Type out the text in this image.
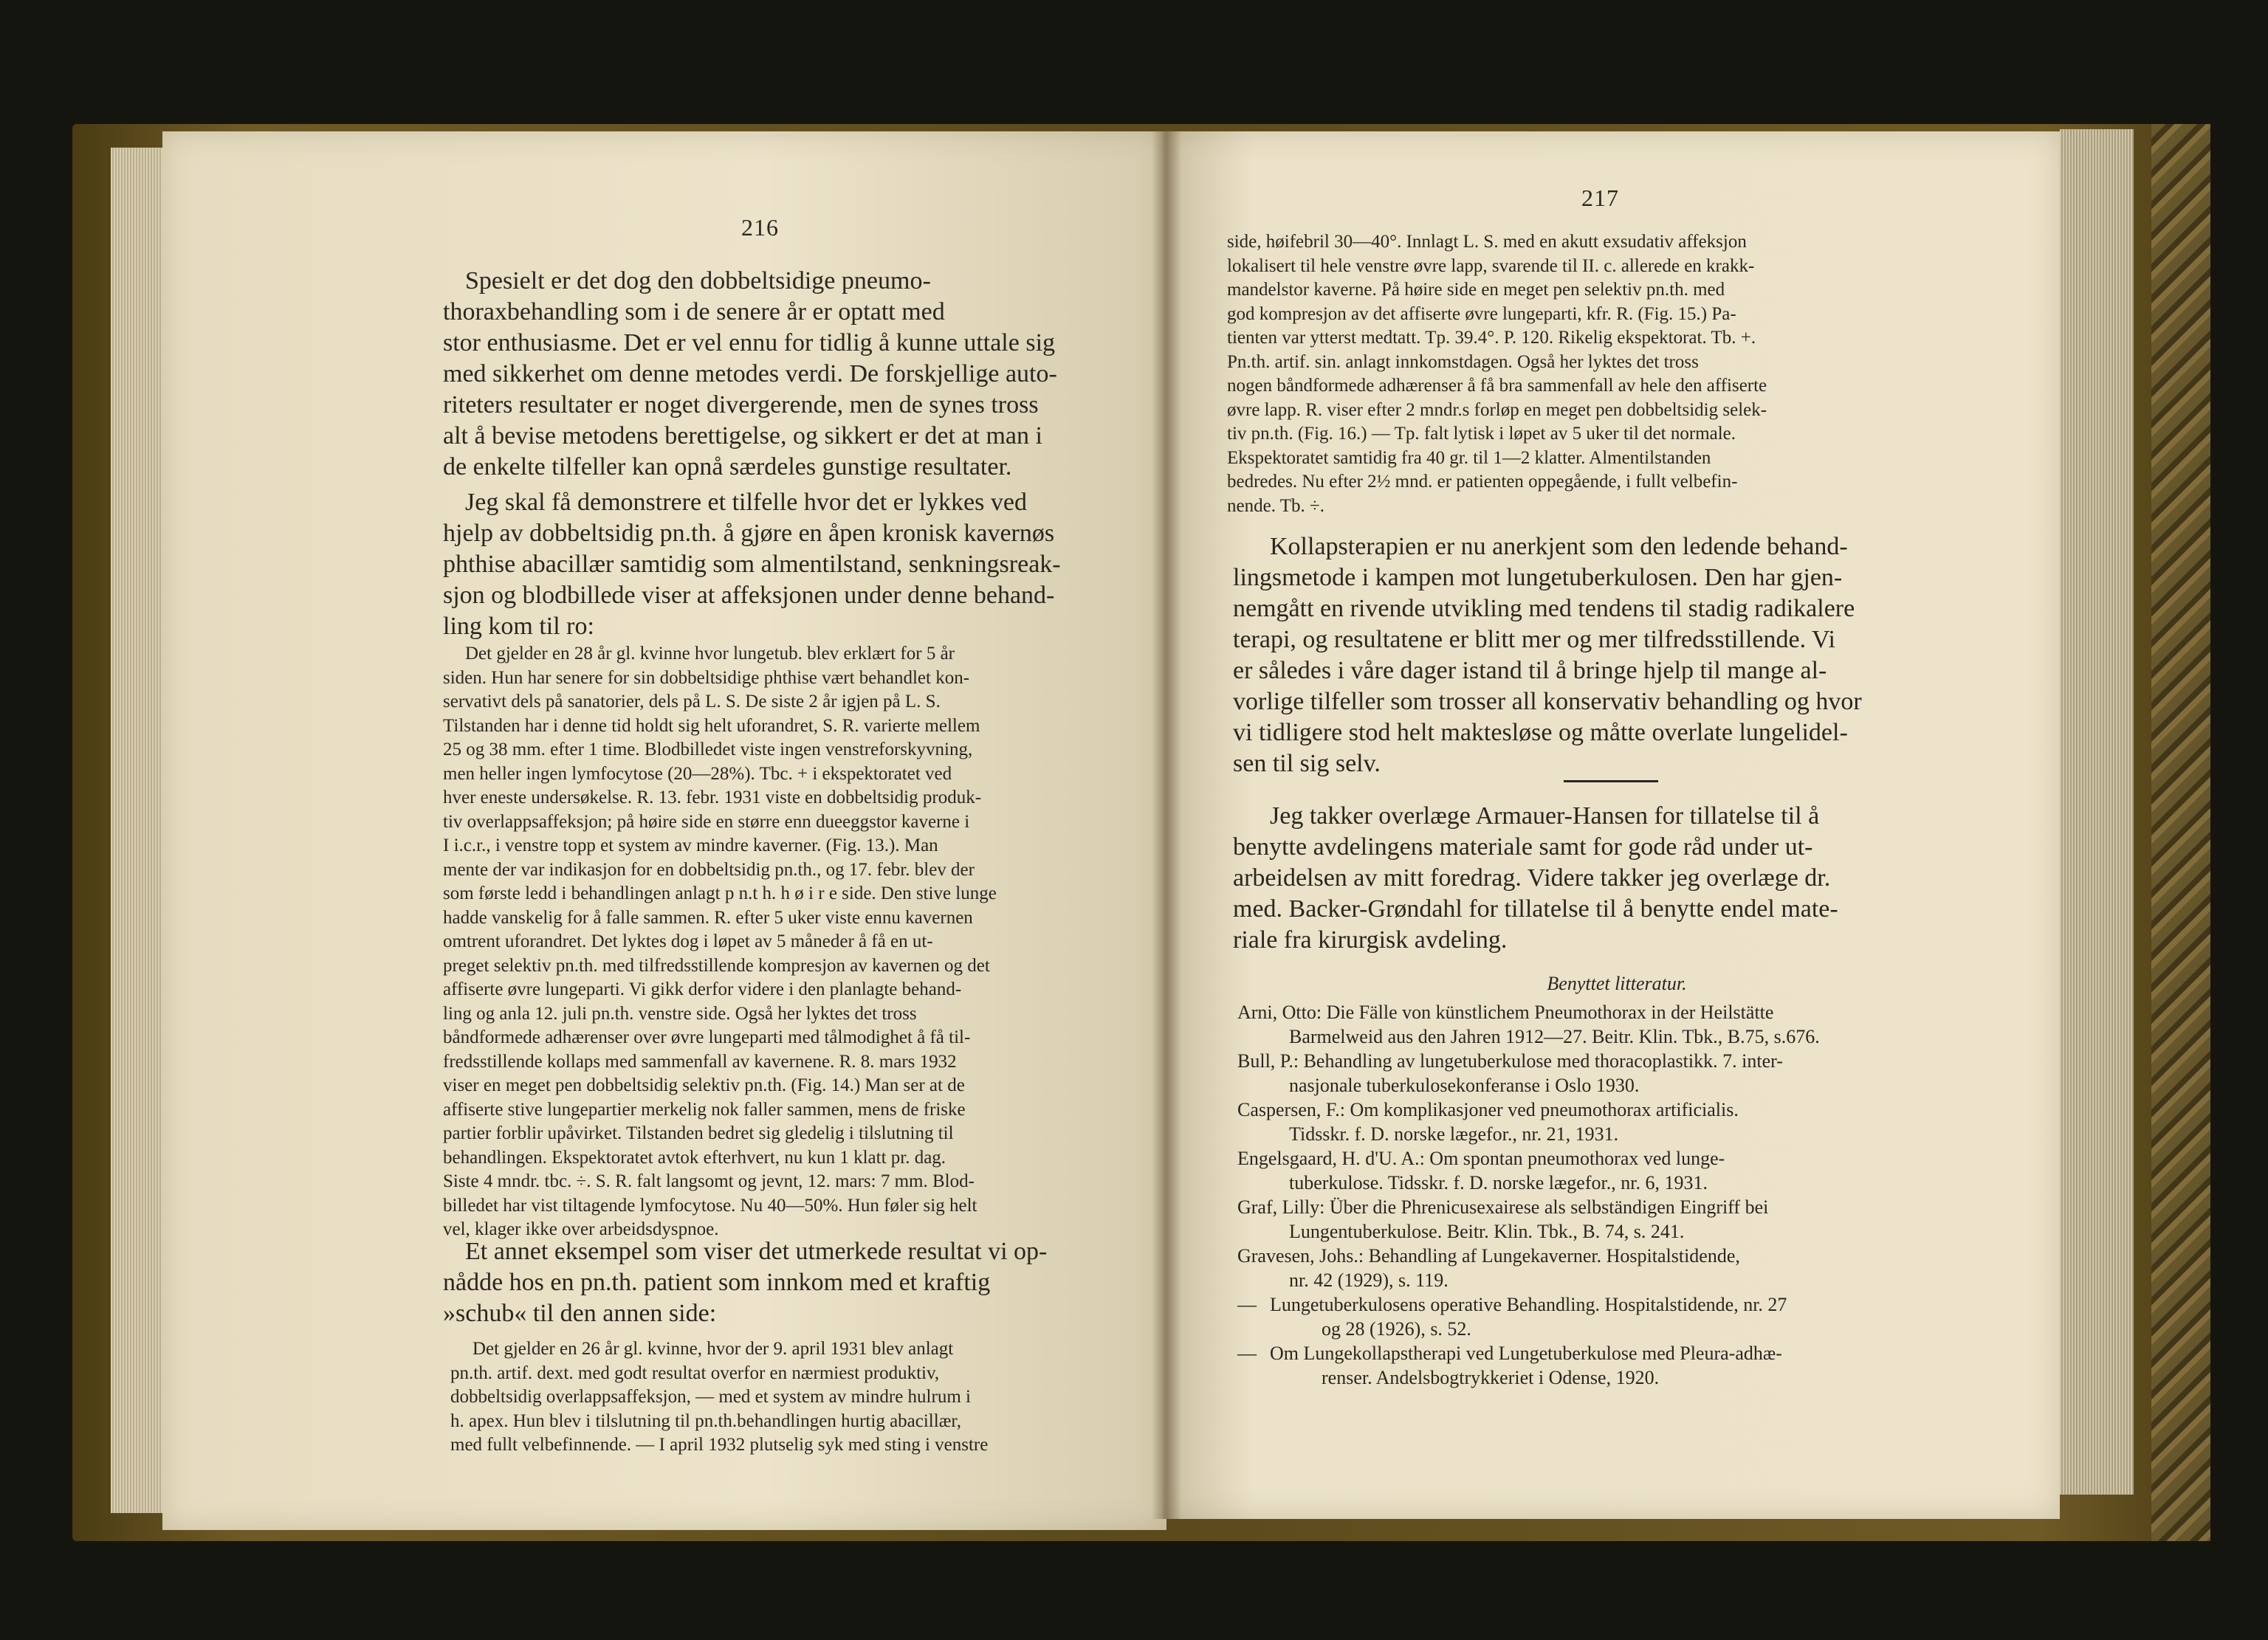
216
Spesielt er det dog den dobbeltsidige pneumo-
thoraxbehandling som i de senere år er optatt med
stor enthusiasme. Det er vel ennu for tidlig å kunne uttale sig
med sikkerhet om denne metodes verdi. De forskjellige auto-
riteters resultater er noget divergerende, men de synes tross
alt å bevise metodens berettigelse, og sikkert er det at man i
de enkelte tilfeller kan opnå særdeles gunstige resultater.
Jeg skal få demonstrere et tilfelle hvor det er lykkes ved
hjelp av dobbeltsidig pn.th. å gjøre en åpen kronisk kavernøs
phthise abacillær samtidig som almentilstand, senkningsreak-
sjon og blodbillede viser at affeksjonen under denne behand-
ling kom til ro:
Det gjelder en 28 år gl. kvinne hvor lungetub. blev erklært for 5 år
siden. Hun har senere for sin dobbeltsidige phthise vært behandlet kon-
servativt dels på sanatorier, dels på L. S. De siste 2 år igjen på L. S.
Tilstanden har i denne tid holdt sig helt uforandret, S. R. varierte mellem
25 og 38 mm. efter 1 time. Blodbilledet viste ingen venstreforskyvning,
men heller ingen lymfocytose (20—28%). Tbc. + i ekspektoratet ved
hver eneste undersøkelse. R. 13. febr. 1931 viste en dobbeltsidig produk-
tiv overlappsaffeksjon; på høire side en større enn dueeggstor kaverne i
I i.c.r., i venstre topp et system av mindre kaverner. (Fig. 13.). Man
mente der var indikasjon for en dobbeltsidig pn.th., og 17. febr. blev der
som første ledd i behandlingen anlagt p n.t h. h ø i r e side. Den stive lunge
hadde vanskelig for å falle sammen. R. efter 5 uker viste ennu kavernen
omtrent uforandret. Det lyktes dog i løpet av 5 måneder å få en ut-
preget selektiv pn.th. med tilfredsstillende kompresjon av kavernen og det
affiserte øvre lungeparti. Vi gikk derfor videre i den planlagte behand-
ling og anla 12. juli pn.th. venstre side. Også her lyktes det tross
båndformede adhærenser over øvre lungeparti med tålmodighet å få til-
fredsstillende kollaps med sammenfall av kavernene. R. 8. mars 1932
viser en meget pen dobbeltsidig selektiv pn.th. (Fig. 14.) Man ser at de
affiserte stive lungepartier merkelig nok faller sammen, mens de friske
partier forblir upåvirket. Tilstanden bedret sig gledelig i tilslutning til
behandlingen. Ekspektoratet avtok efterhvert, nu kun 1 klatt pr. dag.
Siste 4 mndr. tbc. ÷. S. R. falt langsomt og jevnt, 12. mars: 7 mm. Blod-
billedet har vist tiltagende lymfocytose. Nu 40—50%. Hun føler sig helt
vel, klager ikke over arbeidsdyspnoe.
Et annet eksempel som viser det utmerkede resultat vi op-
nådde hos en pn.th. patient som innkom med et kraftig
»schub« til den annen side:
Det gjelder en 26 år gl. kvinne, hvor der 9. april 1931 blev anlagt
pn.th. artif. dext. med godt resultat overfor en nærmiest produktiv,
dobbeltsidig overlappsaffeksjon, — med et system av mindre hulrum i
h. apex. Hun blev i tilslutning til pn.th.behandlingen hurtig abacillær,
med fullt velbefinnende. — I april 1932 plutselig syk med sting i venstre
217
side, høifebril 30—40°. Innlagt L. S. med en akutt exsudativ affeksjon
lokalisert til hele venstre øvre lapp, svarende til II. c. allerede en krakk-
mandelstor kaverne. På høire side en meget pen selektiv pn.th. med
god kompresjon av det affiserte øvre lungeparti, kfr. R. (Fig. 15.) Pa-
tienten var ytterst medtatt. Tp. 39.4°. P. 120. Rikelig ekspektorat. Tb. +.
Pn.th. artif. sin. anlagt innkomstdagen. Også her lyktes det tross
nogen båndformede adhærenser å få bra sammenfall av hele den affiserte
øvre lapp. R. viser efter 2 mndr.s forløp en meget pen dobbeltsidig selek-
tiv pn.th. (Fig. 16.) — Tp. falt lytisk i løpet av 5 uker til det normale.
Ekspektoratet samtidig fra 40 gr. til 1—2 klatter. Almentilstanden
bedredes. Nu efter 2½ mnd. er patienten oppegående, i fullt velbefin-
nende. Tb. ÷.
Kollapsterapien er nu anerkjent som den ledende behand-
lingsmetode i kampen mot lungetuberkulosen. Den har gjen-
nemgått en rivende utvikling med tendens til stadig radikalere
terapi, og resultatene er blitt mer og mer tilfredsstillende. Vi
er således i våre dager istand til å bringe hjelp til mange al-
vorlige tilfeller som trosser all konservativ behandling og hvor
vi tidligere stod helt maktesløse og måtte overlate lungelidel-
sen til sig selv.
Jeg takker overlæge Armauer-Hansen for tillatelse til å
benytte avdelingens materiale samt for gode råd under ut-
arbeidelsen av mitt foredrag. Videre takker jeg overlæge dr.
med. Backer-Grøndahl for tillatelse til å benytte endel mate-
riale fra kirurgisk avdeling.
Benyttet litteratur.
Arni, Otto: Die Fälle von künstlichem Pneumothorax in der Heilstätte
Barmelweid aus den Jahren 1912—27. Beitr. Klin. Tbk., B.75, s.676.
Bull, P.: Behandling av lungetuberkulose med thoracoplastikk. 7. inter-
nasjonale tuberkulosekonferanse i Oslo 1930.
Caspersen, F.: Om komplikasjoner ved pneumothorax artificialis.
Tidsskr. f. D. norske lægefor., nr. 21, 1931.
Engelsgaard, H. d'U. A.: Om spontan pneumothorax ved lunge-
tuberkulose. Tidsskr. f. D. norske lægefor., nr. 6, 1931.
Graf, Lilly: Über die Phrenicusexairese als selbständigen Eingriff bei
Lungentuberkulose. Beitr. Klin. Tbk., B. 74, s. 241.
Gravesen, Johs.: Behandling af Lungekaverner. Hospitalstidende,
nr. 42 (1929), s. 119.
— Lungetuberkulosens operative Behandling. Hospitalstidende, nr. 27
og 28 (1926), s. 52.
— Om Lungekollapstherapi ved Lungetuberkulose med Pleura-adhæ-
renser. Andelsbogtrykkeriet i Odense, 1920.
